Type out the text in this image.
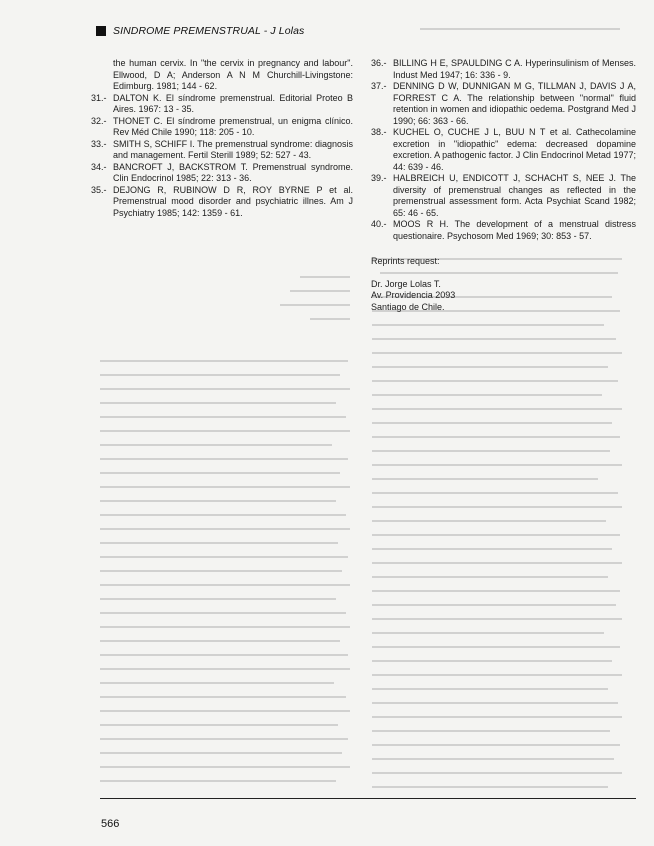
SINDROME PREMENSTRUAL - J Lolas
the human cervix. In "the cervix in pregnancy and labour". Ellwood, D A; Anderson A N M Churchill-Livingstone: Edimburg. 1981; 144 - 62.
31.- DALTON K. El síndrome premenstrual. Editorial Proteo B Aires. 1967: 13 - 35.
32.- THONET C. El síndrome premenstrual, un enigma clínico. Rev Méd Chile 1990; 118: 205 - 10.
33.- SMITH S, SCHIFF I. The premenstrual syndrome: diagnosis and management. Fertil Sterill 1989; 52: 527 - 43.
34.- BANCROFT J, BACKSTROM T. Premenstrual syndrome. Clin Endocrinol 1985; 22: 313 - 36.
35.- DEJONG R, RUBINOW D R, ROY BYRNE P et al. Premenstrual mood disorder and psychiatric illnes. Am J Psychiatry 1985; 142: 1359 - 61.
36.- BILLING H E, SPAULDING C A. Hyperinsulinism of Menses. Indust Med 1947; 16: 336 - 9.
37.- DENNING D W, DUNNIGAN M G, TILLMAN J, DAVIS J A, FORREST C A. The relationship between "normal" fluid retention in women and idiopathic oedema. Postgrand Med J 1990; 66: 363 - 66.
38.- KUCHEL O, CUCHE J L, BUU N T et al. Cathecolamine excretion in "idiopathic" edema: decreased dopamine excretion. A pathogenic factor. J Clin Endocrinol Metad 1977; 44: 639 - 46.
39.- HALBREICH U, ENDICOTT J, SCHACHT S, NEE J. The diversity of premenstrual changes as reflected in the premenstrual assessment form. Acta Psychiat Scand 1982; 65: 46 - 65.
40.- MOOS R H. The development of a menstrual distress questionaire. Psychosom Med 1969; 30: 853 - 57.
Reprints request:
Dr. Jorge Lolas T.
Av. Providencia 2093
Santiago de Chile.
566
